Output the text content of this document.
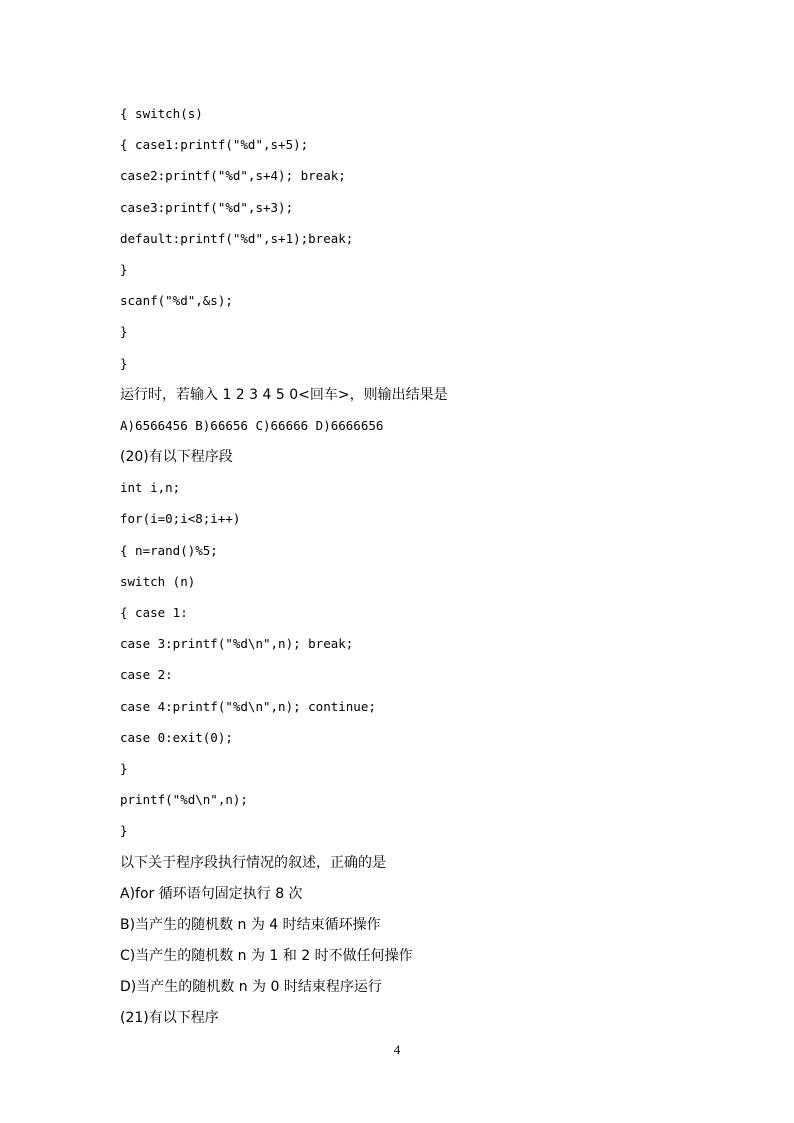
{ switch(s)
{ case1:printf("%d",s+5);
case2:printf("%d",s+4); break;
case3:printf("%d",s+3);
default:printf("%d",s+1);break;
}
scanf("%d",&s);
}
}
运行时，若输入 1 2 3 4 5 0<回车>，则输出结果是
A)6566456 B)66656 C)66666 D)6666656
(20)有以下程序段
int i,n;
for(i=0;i<8;i++)
{ n=rand()%5;
switch (n)
{ case 1:
case 3:printf("%d\n",n); break;
case 2:
case 4:printf("%d\n",n); continue;
case 0:exit(0);
}
printf("%d\n",n);
}
以下关于程序段执行情况的叙述，正确的是
A)for 循环语句固定执行 8 次
B)当产生的随机数 n 为 4 时结束循环操作
C)当产生的随机数 n 为 1 和 2 时不做任何操作
D)当产生的随机数 n 为 0 时结束程序运行
(21)有以下程序
4
